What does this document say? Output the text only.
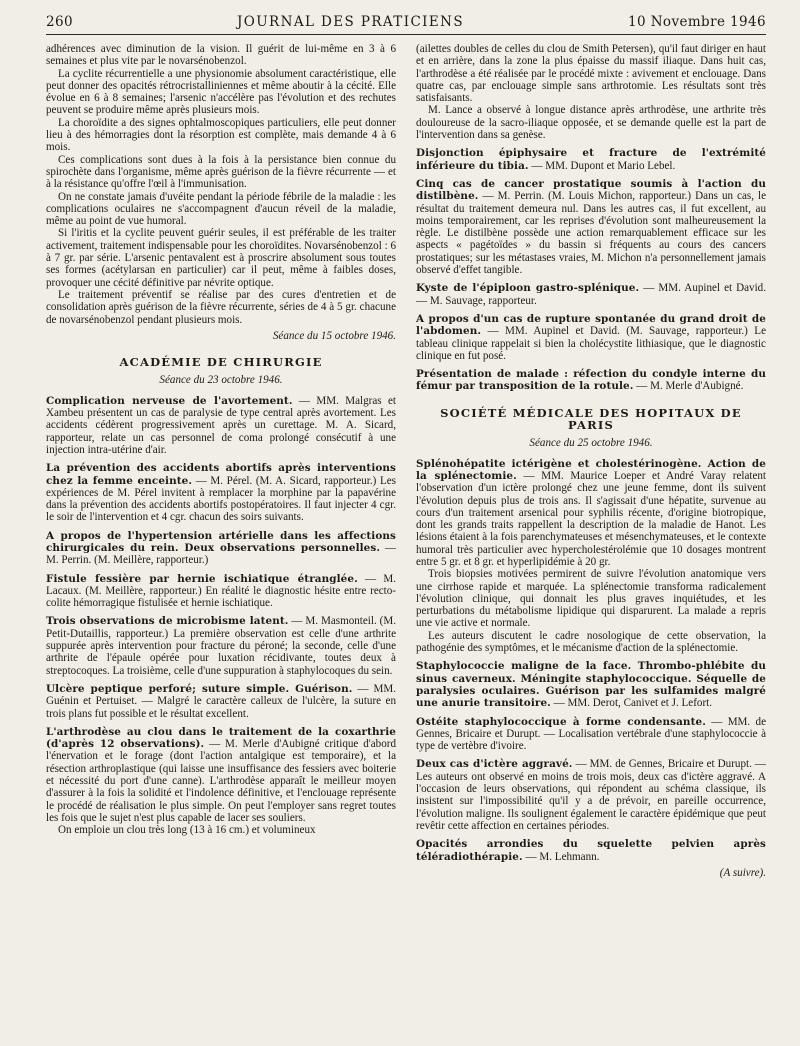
260	JOURNAL DES PRATICIENS	10 Novembre 1946

adhérences avec diminution de la vision. Il guérit de lui-même en 3 à 6 semaines et plus vite par le novarsénobenzol.

La cyclite récurrentielle a une physionomie absolument caractéristique, elle peut donner des opacités rétrocristalliniennes et même aboutir à la cécité. Elle évolue en 6 à 8 semaines; l'arsenic n'accélère pas l'évolution et des rechutes peuvent se produire même après plusieurs mois.

La choroïdite a des signes ophtalmoscopiques particuliers, elle peut donner lieu à des hémorragies dont la résorption est complète, mais demande 4 à 6 mois.

Ces complications sont dues à la fois à la persistance bien connue du spirochète dans l'organisme, même après guérison de la fièvre récurrente — et à la résistance qu'offre l'œil à l'immunisation.

On ne constate jamais d'uvéite pendant la période fébrile de la maladie : les complications oculaires ne s'accompagnent d'aucun réveil de la maladie, même au point de vue humoral.

Si l'iritis et la cyclite peuvent guérir seules, il est préférable de les traiter activement, traitement indispensable pour les choroïdites. Novarsénobenzol : 6 à 7 gr. par série. L'arsenic pentavalent est à proscrire absolument sous toutes ses formes (acétylarsan en particulier) car il peut, même à faibles doses, provoquer une cécité définitive par névrite optique.

Le traitement préventif se réalise par des cures d'entretien et de consolidation après guérison de la fièvre récurrente, séries de 4 à 5 gr. chacune de novarsénobenzol pendant plusieurs mois.

Séance du 15 octobre 1946.
ACADÉMIE DE CHIRURGIE
Séance du 23 octobre 1946.

Complication nerveuse de l'avortement. — MM. Malgras et Xambeu présentent un cas de paralysie de type central après avortement. Les accidents cédèrent progressivement après un curettage. M. A. Sicard, rapporteur, relate un cas personnel de coma prolongé consécutif à une injection intra-utérine d'air.

La prévention des accidents abortifs après interventions chez la femme enceinte. — M. Pérel. (M. A. Sicard, rapporteur.) Les expériences de M. Pérel invitent à remplacer la morphine par la papavérine dans la prévention des accidents abortifs postopératoires. Il faut injecter 4 cgr. le soir de l'intervention et 4 cgr. chacun des soirs suivants.

A propos de l'hypertension artérielle dans les affections chirurgicales du rein. Deux observations personnelles. — M. Perrin. (M. Meillère, rapporteur.)

Fistule fessière par hernie ischiatique étranglée. — M. Lacaux. (M. Meillère, rapporteur.) En réalité le diagnostic hésite entre recto-colite hémorragique fistulisée et hernie ischiatique.

Trois observations de microbisme latent. — M. Masmonteil. (M. Petit-Dutaillis, rapporteur.) La première observation est celle d'une arthrite suppurée après intervention pour fracture du péroné; la seconde, celle d'une arthrite de l'épaule opérée pour luxation récidivante, toutes deux à streptocoques. La troisième, celle d'une suppuration à staphylocoques du sein.

Ulcère peptique perforé; suture simple. Guérison. — MM. Guénin et Pertuiset. — Malgré le caractère calleux de l'ulcère, la suture en trois plans fut possible et le résultat excellent.

L'arthrodèse au clou dans le traitement de la coxarthrie (d'après 12 observations). — M. Merle d'Aubigné critique d'abord l'énervation et le forage (dont l'action antalgique est temporaire), et la résection arthroplastique (qui laisse une insuffisance des fessiers avec boiterie et nécessité du port d'une canne). L'arthrodèse apparaît le meilleur moyen d'assurer à la fois la solidité et l'indolence définitive, et l'enclouage représente le procédé de réalisation le plus simple. On peut l'employer sans regret toutes les fois que le sujet n'est plus capable de lacer ses souliers.

On emploie un clou très long (13 à 16 cm.) et volumineux

(ailettes doubles de celles du clou de Smith Petersen), qu'il faut diriger en haut et en arrière, dans la zone la plus épaisse du massif iliaque. Dans huit cas, l'arthrodèse a été réalisée par le procédé mixte : avivement et enclouage. Dans quatre cas, par enclouage simple sans arthrotomie. Les résultats sont très satisfaisants.

M. Lance a observé à longue distance après arthrodèse, une arthrite très douloureuse de la sacro-iliaque opposée, et se demande quelle est la part de l'intervention dans sa genèse.

Disjonction épiphysaire et fracture de l'extrémité inférieure du tibia. — MM. Dupont et Mario Lebel.

Cinq cas de cancer prostatique soumis à l'action du distilbène. — M. Perrin. (M. Louis Michon, rapporteur.) Dans un cas, le résultat du traitement demeura nul. Dans les autres cas, il fut excellent, au moins temporairement, car les reprises d'évolution sont malheureusement la règle. Le distilbène possède une action remarquablement efficace sur les aspects « pagétoïdes » du bassin si fréquents au cours des cancers prostatiques; sur les métastases vraies, M. Michon n'a personnellement jamais observé d'effet tangible.

Kyste de l'épiploon gastro-splénique. — MM. Aupinel et David. — M. Sauvage, rapporteur.

A propos d'un cas de rupture spontanée du grand droit de l'abdomen. — MM. Aupinel et David. (M. Sauvage, rapporteur.) Le tableau clinique rappelait si bien la cholécystite lithiasique, que le diagnostic clinique en fut posé.

Présentation de malade : réfection du condyle interne du fémur par transposition de la rotule. — M. Merle d'Aubigné.

SOCIÉTÉ MÉDICALE DES HOPITAUX DE PARIS
Séance du 25 octobre 1946.

Splénohépatite ictérigène et cholestérinogène. Action de la splénectomie. — MM. Maurice Loeper et André Varay relatent l'observation d'un ictère prolongé chez une jeune femme, dont ils suivent l'évolution depuis plus de trois ans. Il s'agissait d'une hépatite, survenue au cours d'un traitement arsenical pour syphilis récente, d'origine biotropique, dont les grands traits rappellent la description de la maladie de Hanot. Les lésions étaient à la fois parenchymateuses et mésenchymateuses, et le contexte humoral très particulier avec hypercholestérolémie que 10 dosages montrent entre 5 gr. et 8 gr. et hyperlipidémie à 20 gr.

Trois biopsies motivées permirent de suivre l'évolution anatomique vers une cirrhose rapide et marquée. La splénectomie transforma radicalement l'évolution clinique, qui donnait les plus graves inquiétudes, et les perturbations du métabolisme lipidique qui disparurent. La malade a repris une vie active et normale.

Les auteurs discutent le cadre nosologique de cette observation, la pathogénie des symptômes, et le mécanisme d'action de la splénectomie.

Staphylococcie maligne de la face. Thrombo-phlébite du sinus caverneux. Méningite staphylococcique. Séquelle de paralysies oculaires. Guérison par les sulfamides malgré une anurie transitoire. — MM. Derot, Canivet et J. Lefort.

Ostéite staphylococcique à forme condensante. — MM. de Gennes, Bricaire et Durupt. — Localisation vertébrale d'une staphylococcie à type de vertèbre d'ivoire.

Deux cas d'ictère aggravé. — MM. de Gennes, Bricaire et Durupt. — Les auteurs ont observé en moins de trois mois, deux cas d'ictère aggravé. A l'occasion de leurs observations, qui répondent au schéma classique, ils insistent sur l'impossibilité qu'il y a de prévoir, en pareille occurrence, l'évolution maligne. Ils soulignent également le caractère épidémique que peut revêtir cette affection en certaines périodes.

Opacités arrondies du squelette pelvien après téléradiothérapie. — M. Lehmann.

(A suivre).
